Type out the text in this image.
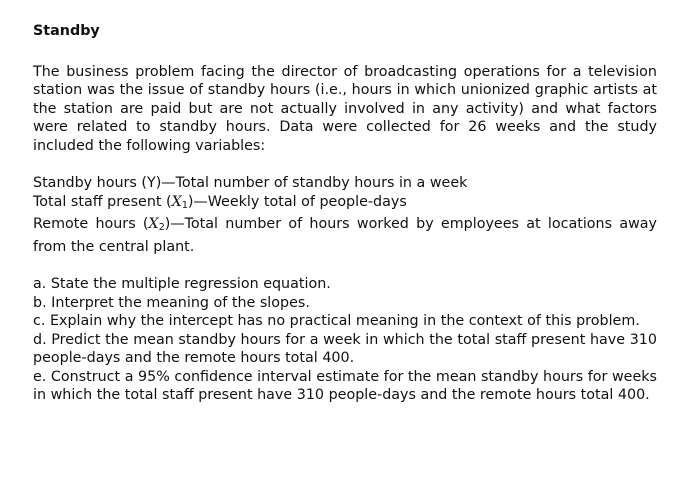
Standby
The business problem facing the director of broadcasting operations for a television station was the issue of standby hours (i.e., hours in which unionized graphic artists at the station are paid but are not actually involved in any activity) and what factors were related to standby hours. Data were collected for 26 weeks and the study included the following variables:
Standby hours (Y)—Total number of standby hours in a week
Total staff present $(X_1)—Weekly$ total of people-days
Remote hours $(X_2)—Total$ number of hours worked by employees at locations away from the central plant.
a. State the multiple regression equation.
b. Interpret the meaning of the slopes.
c. Explain why the intercept has no practical meaning in the context of this problem.
d. Predict the mean standby hours for a week in which the total staff present have 310 people-days and the remote hours total 400.
e. Construct a 95% confidence interval estimate for the mean standby hours for weeks in which the total staff present have 310 people-days and the remote hours total 400.
